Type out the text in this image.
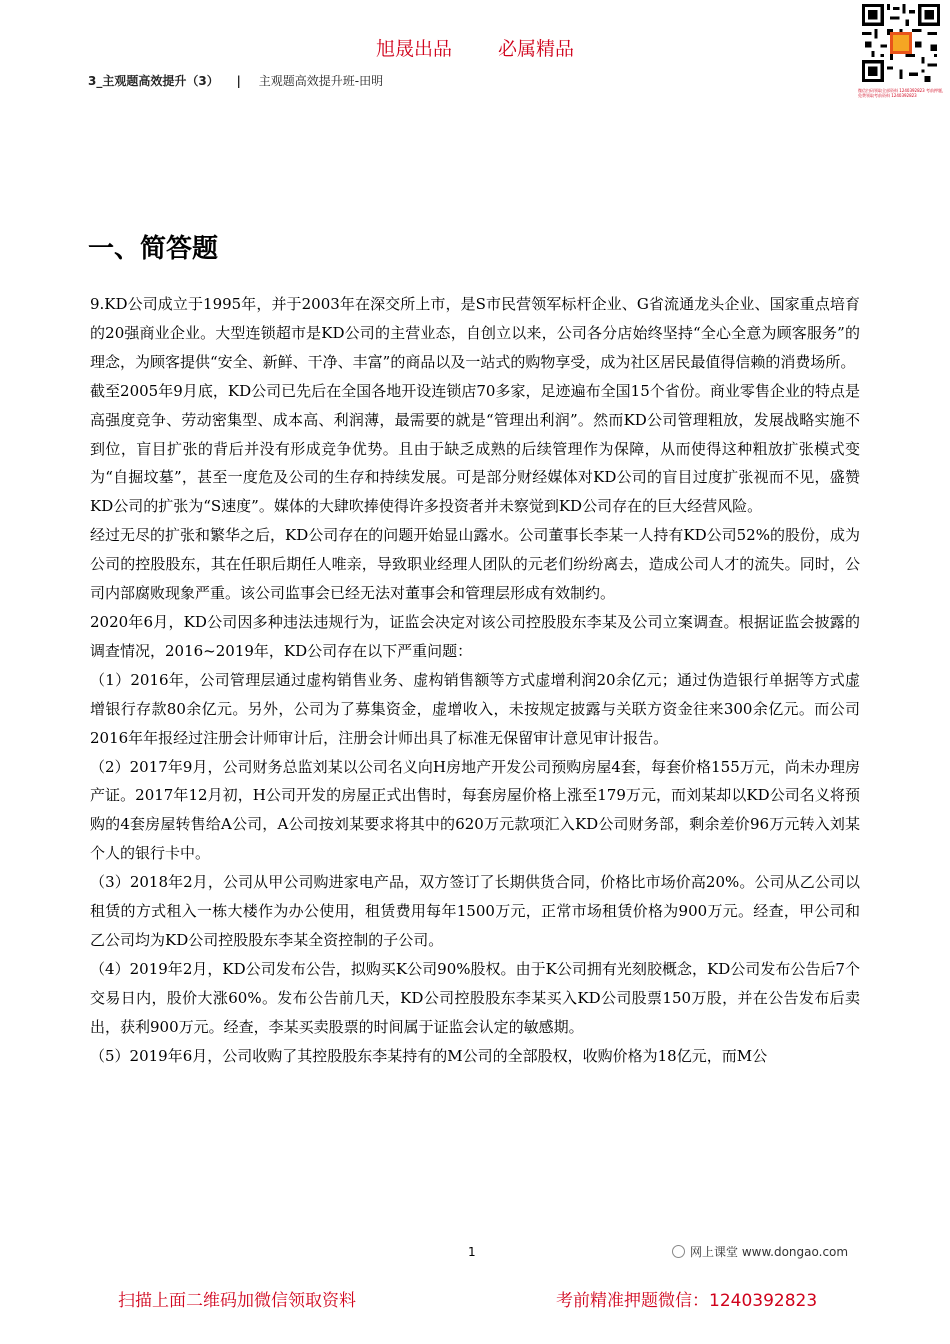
旭晟出品 必属精品
3_主观题高效提升（3） | 主观题高效提升班-田明
微信扫码领取全部资料 1240392823 考前押题，免费领取考前资料 1240392823
一、简答题

9.KD公司成立于1995年，并于2003年在深交所上市，是S市民营领军标杆企业、G省流通龙头企业、国家重点培育的20强商业企业。大型连锁超市是KD公司的主营业态，自创立以来，公司各分店始终坚持“全心全意为顾客服务”的理念，为顾客提供“安全、新鲜、干净、丰富”的商品以及一站式的购物享受，成为社区居民最值得信赖的消费场所。

截至2005年9月底，KD公司已先后在全国各地开设连锁店70多家，足迹遍布全国15个省份。商业零售企业的特点是高强度竞争、劳动密集型、成本高、利润薄，最需要的就是“管理出利润”。然而KD公司管理粗放，发展战略实施不到位，盲目扩张的背后并没有形成竞争优势。且由于缺乏成熟的后续管理作为保障，从而使得这种粗放扩张模式变为“自掘坟墓”，甚至一度危及公司的生存和持续发展。可是部分财经媒体对KD公司的盲目过度扩张视而不见，盛赞KD公司的扩张为“S速度”。媒体的大肆吹捧使得许多投资者并未察觉到KD公司存在的巨大经营风险。

经过无尽的扩张和繁华之后，KD公司存在的问题开始显山露水。公司董事长李某一人持有KD公司52%的股份，成为公司的控股股东，其在任职后期任人唯亲，导致职业经理人团队的元老们纷纷离去，造成公司人才的流失。同时，公司内部腐败现象严重。该公司监事会已经无法对董事会和管理层形成有效制约。

2020年6月，KD公司因多种违法违规行为，证监会决定对该公司控股股东李某及公司立案调查。根据证监会披露的调查情况，2016~2019年，KD公司存在以下严重问题：

（1）2016年，公司管理层通过虚构销售业务、虚构销售额等方式虚增利润20余亿元；通过伪造银行单据等方式虚增银行存款80余亿元。另外，公司为了募集资金，虚增收入，未按规定披露与关联方资金往来300余亿元。而公司2016年年报经过注册会计师审计后，注册会计师出具了标准无保留审计意见审计报告。

（2）2017年9月，公司财务总监刘某以公司名义向H房地产开发公司预购房屋4套，每套价格155万元，尚未办理房产证。2017年12月初，H公司开发的房屋正式出售时，每套房屋价格上涨至179万元，而刘某却以KD公司名义将预购的4套房屋转售给A公司，A公司按刘某要求将其中的620万元款项汇入KD公司财务部，剩余差价96万元转入刘某个人的银行卡中。

（3）2018年2月，公司从甲公司购进家电产品，双方签订了长期供货合同，价格比市场价高20%。公司从乙公司以租赁的方式租入一栋大楼作为办公使用，租赁费用每年1500万元，正常市场租赁价格为900万元。经查，甲公司和乙公司均为KD公司控股股东李某全资控制的子公司。

（4）2019年2月，KD公司发布公告，拟购买K公司90%股权。由于K公司拥有光刻胶概念，KD公司发布公告后7个交易日内，股价大涨60%。发布公告前几天，KD公司控股股东李某买入KD公司股票150万股，并在公告发布后卖出，获利900万元。经查，李某买卖股票的时间属于证监会认定的敏感期。

（5）2019年6月，公司收购了其控股股东李某持有的M公司的全部股权，收购价格为18亿元，而M公

1	网上课堂 www.dongao.com
扫描上面二维码加微信领取资料	考前精准押题微信：1240392823
